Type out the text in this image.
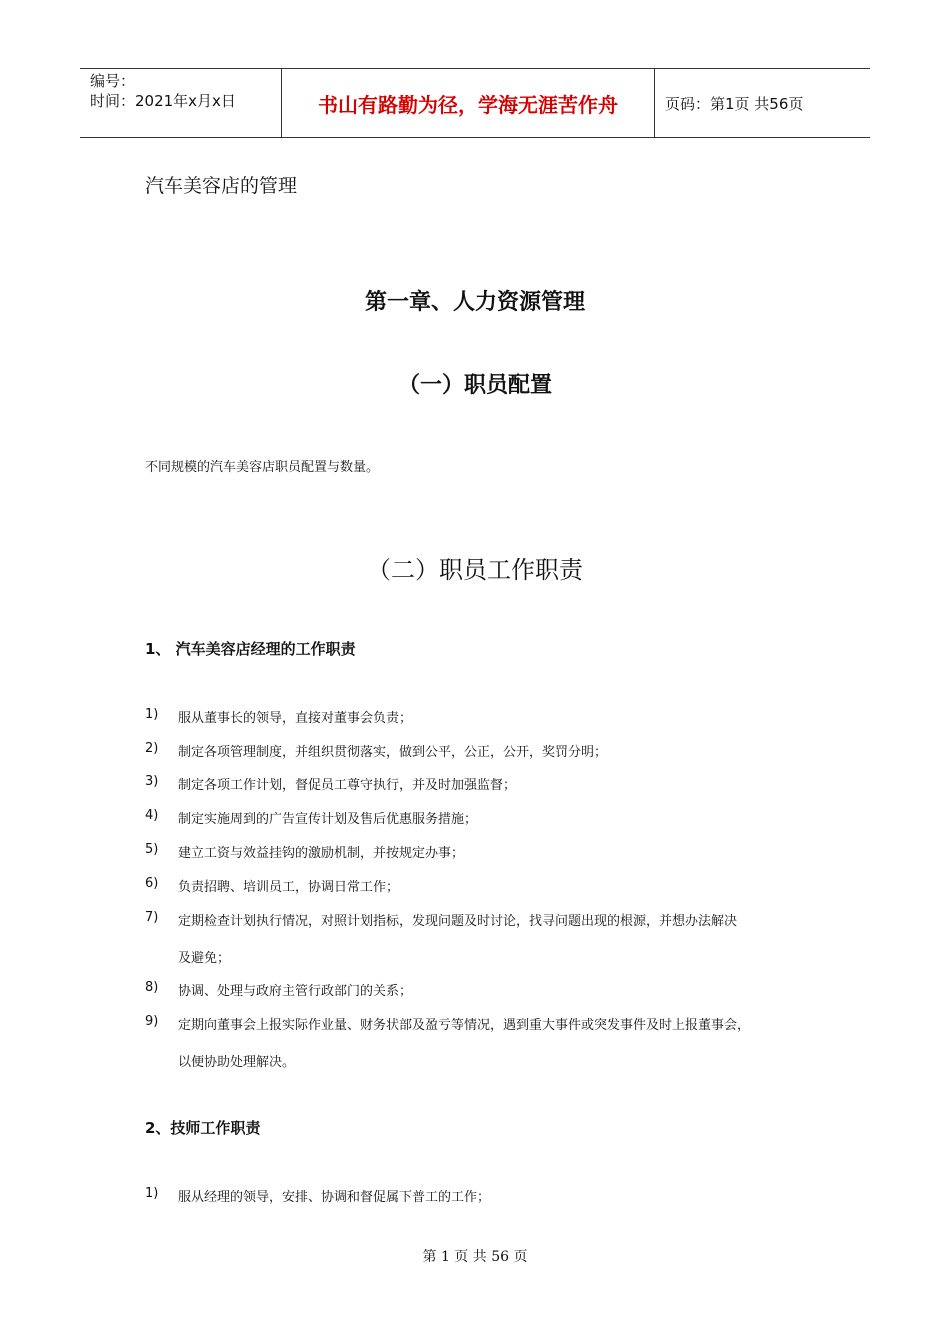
编号：
时间：2021年x月x日	书山有路勤为径，学海无涯苦作舟	页码：第1页 共56页
汽车美容店的管理
第一章、人力资源管理
（一）职员配置
不同规模的汽车美容店职员配置与数量。
（二）职员工作职责
1、 汽车美容店经理的工作职责
1)	服从董事长的领导，直接对董事会负责；
2)	制定各项管理制度，并组织贯彻落实，做到公平，公正，公开，奖罚分明；
3)	制定各项工作计划，督促员工尊守执行，并及时加强监督；
4)	制定实施周到的广告宣传计划及售后优惠服务措施；
5)	建立工资与效益挂钩的激励机制，并按规定办事；
6)	负责招聘、培训员工，协调日常工作；
7)	定期检查计划执行情况，对照计划指标，发现问题及时讨论，找寻问题出现的根源，并想办法解决
及避免；
8)	协调、处理与政府主管行政部门的关系；
9)	定期向董事会上报实际作业量、财务状部及盈亏等情况，遇到重大事件或突发事件及时上报董事会，
以便协助处理解决。
2、技师工作职责
1)	服从经理的领导，安排、协调和督促属下普工的工作；
第 1 页 共 56 页
